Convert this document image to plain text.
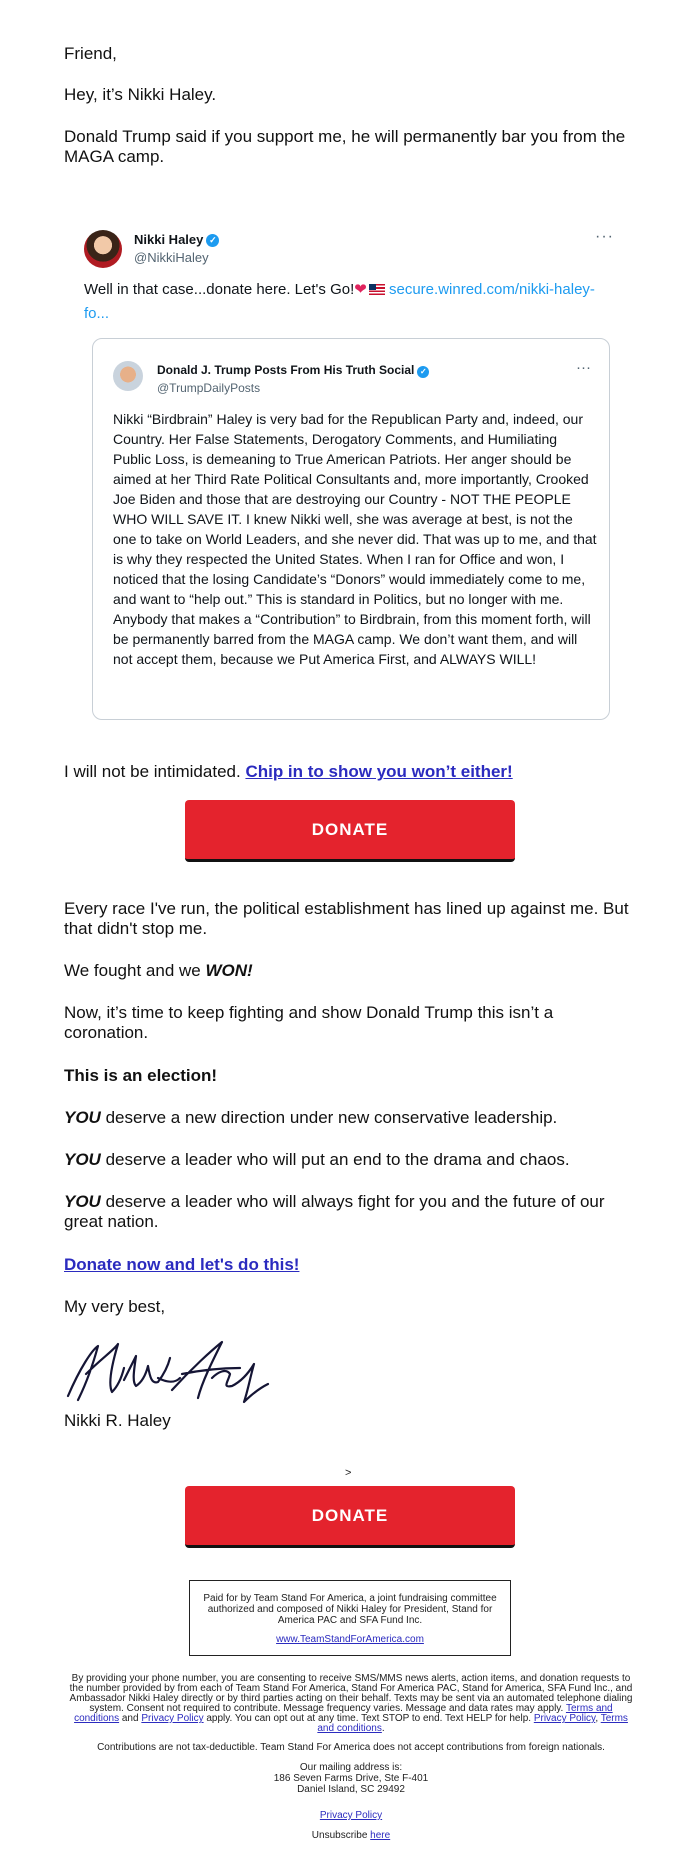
Friend,

Hey, it’s Nikki Haley.

Donald Trump said if you support me, he will permanently bar you from the MAGA camp.

Nikki Haley ✓
@NikkiHaley
···
Well in that case...donate here. Let's Go!❤ secure.winred.com/nikki-haley-fo...
Donald J. Trump Posts From His Truth Social ✓
@TrumpDailyPosts
···
Nikki “Birdbrain” Haley is very bad for the Republican Party and, indeed, our Country. Her False Statements, Derogatory Comments, and Humiliating Public Loss, is demeaning to True American Patriots. Her anger should be aimed at her Third Rate Political Consultants and, more importantly, Crooked Joe Biden and those that are destroying our Country - NOT THE PEOPLE WHO WILL SAVE IT. I knew Nikki well, she was average at best, is not the one to take on World Leaders, and she never did. That was up to me, and that is why they respected the United States. When I ran for Office and won, I noticed that the losing Candidate’s “Donors” would immediately come to me, and want to “help out.” This is standard in Politics, but no longer with me. Anybody that makes a “Contribution” to Birdbrain, from this moment forth, will be permanently barred from the MAGA camp. We don’t want them, and will not accept them, because we Put America First, and ALWAYS WILL!

I will not be intimidated. Chip in to show you won’t either!

DONATE

Every race I've run, the political establishment has lined up against me. But that didn't stop me.

We fought and we WON!

Now, it’s time to keep fighting and show Donald Trump this isn’t a coronation.

This is an election!

YOU deserve a new direction under new conservative leadership.

YOU deserve a leader who will put an end to the drama and chaos.

YOU deserve a leader who will always fight for you and the future of our great nation.

Donate now and let's do this!

My very best,

Nikki R. Haley

>
DONATE
Paid for by Team Stand For America, a joint fundraising committee authorized and composed of Nikki Haley for President, Stand for America PAC and SFA Fund Inc.
www.TeamStandForAmerica.com
By providing your phone number, you are consenting to receive SMS/MMS news alerts, action items, and donation requests to the number provided by from each of Team Stand For America, Stand For America PAC, Stand for America, SFA Fund Inc., and Ambassador Nikki Haley directly or by third parties acting on their behalf. Texts may be sent via an automated telephone dialing system. Consent not required to contribute. Message frequency varies. Message and data rates may apply. Terms and conditions and Privacy Policy apply. You can opt out at any time. Text STOP to end. Text HELP for help. Privacy Policy, Terms and conditions.
Contributions are not tax-deductible. Team Stand For America does not accept contributions from foreign nationals.
Our mailing address is:
186 Seven Farms Drive, Ste F-401
Daniel Island, SC 29492
Privacy Policy
Unsubscribe here
